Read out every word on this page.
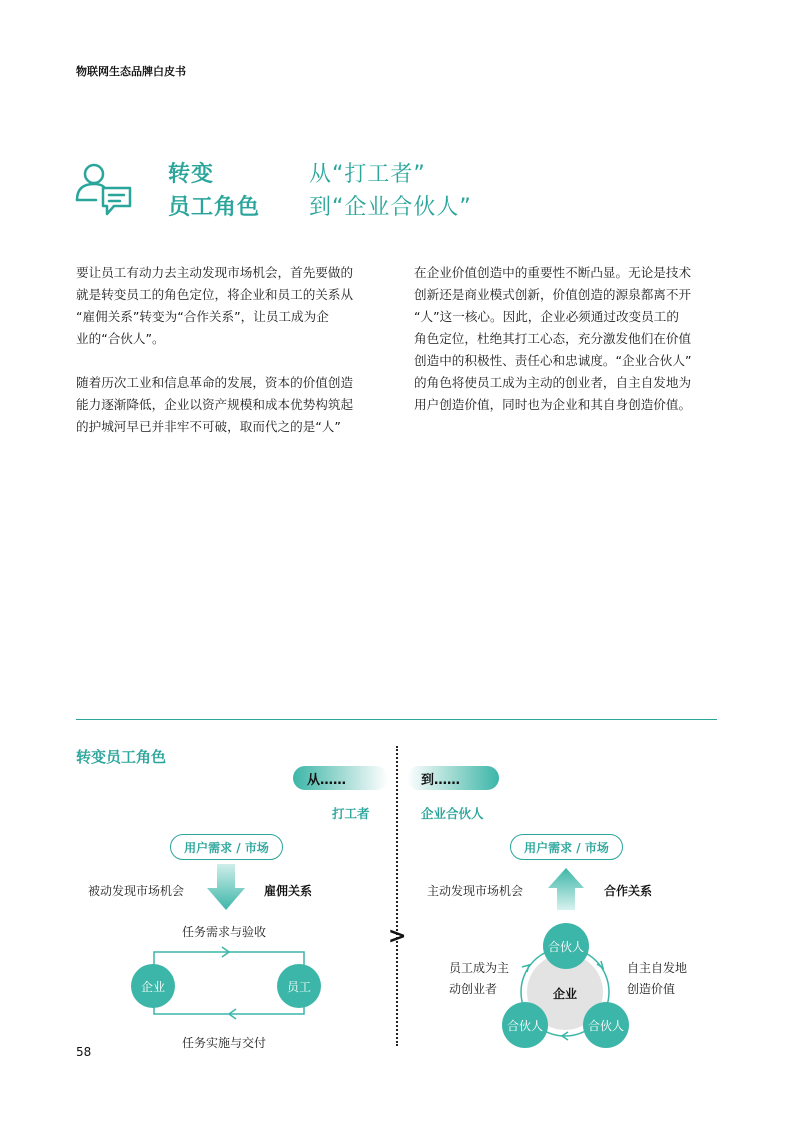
物联网生态品牌白皮书
转变
员工角色
从“打工者”
到“企业合伙人”
要让员工有动力去主动发现市场机会，首先要做的
就是转变员工的角色定位，将企业和员工的关系从
“雇佣关系”转变为“合作关系”，让员工成为企
业的“合伙人”。
随着历次工业和信息革命的发展，资本的价值创造
能力逐渐降低，企业以资产规模和成本优势构筑起
的护城河早已并非牢不可破，取而代之的是“人”
在企业价值创造中的重要性不断凸显。无论是技术
创新还是商业模式创新，价值创造的源泉都离不开
“人”这一核心。因此，企业必须通过改变员工的
角色定位，杜绝其打工心态，充分激发他们在价值
创造中的积极性、责任心和忠诚度。“企业合伙人”
的角色将使员工成为主动的创业者，自主自发地为
用户创造价值，同时也为企业和其自身创造价值。
转变员工角色
从……	到……
打工者	企业合伙人
>
用户需求 / 市场
被动发现市场机会	雇佣关系
任务需求与验收
任务实施与交付
企业	员工
用户需求 / 市场
主动发现市场机会	合作关系
企业
合伙人
合伙人	合伙人
员工成为主
动创业者
自主自发地
创造价值
58
